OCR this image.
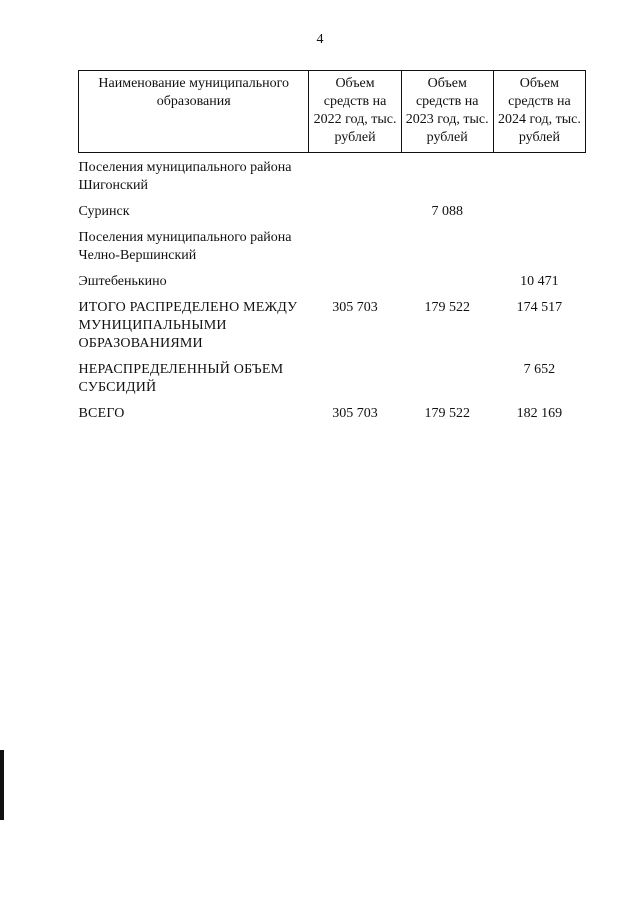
4
Наименование муниципального образования	Объем средств на 2022 год, тыс. рублей	Объем средств на 2023 год, тыс. рублей	Объем средств на 2024 год, тыс. рублей
Поселения муниципального района Шигонский			
Суринск		7 088	
Поселения муниципального района Челно-Вершинский			
Эштебенькино			10 471
ИТОГО РАСПРЕДЕЛЕНО МЕЖДУ МУНИЦИПАЛЬНЫМИ ОБРАЗОВАНИЯМИ	305 703	179 522	174 517
НЕРАСПРЕДЕЛЕННЫЙ ОБЪЕМ СУБСИДИЙ			7 652
ВСЕГО	305 703	179 522	182 169
